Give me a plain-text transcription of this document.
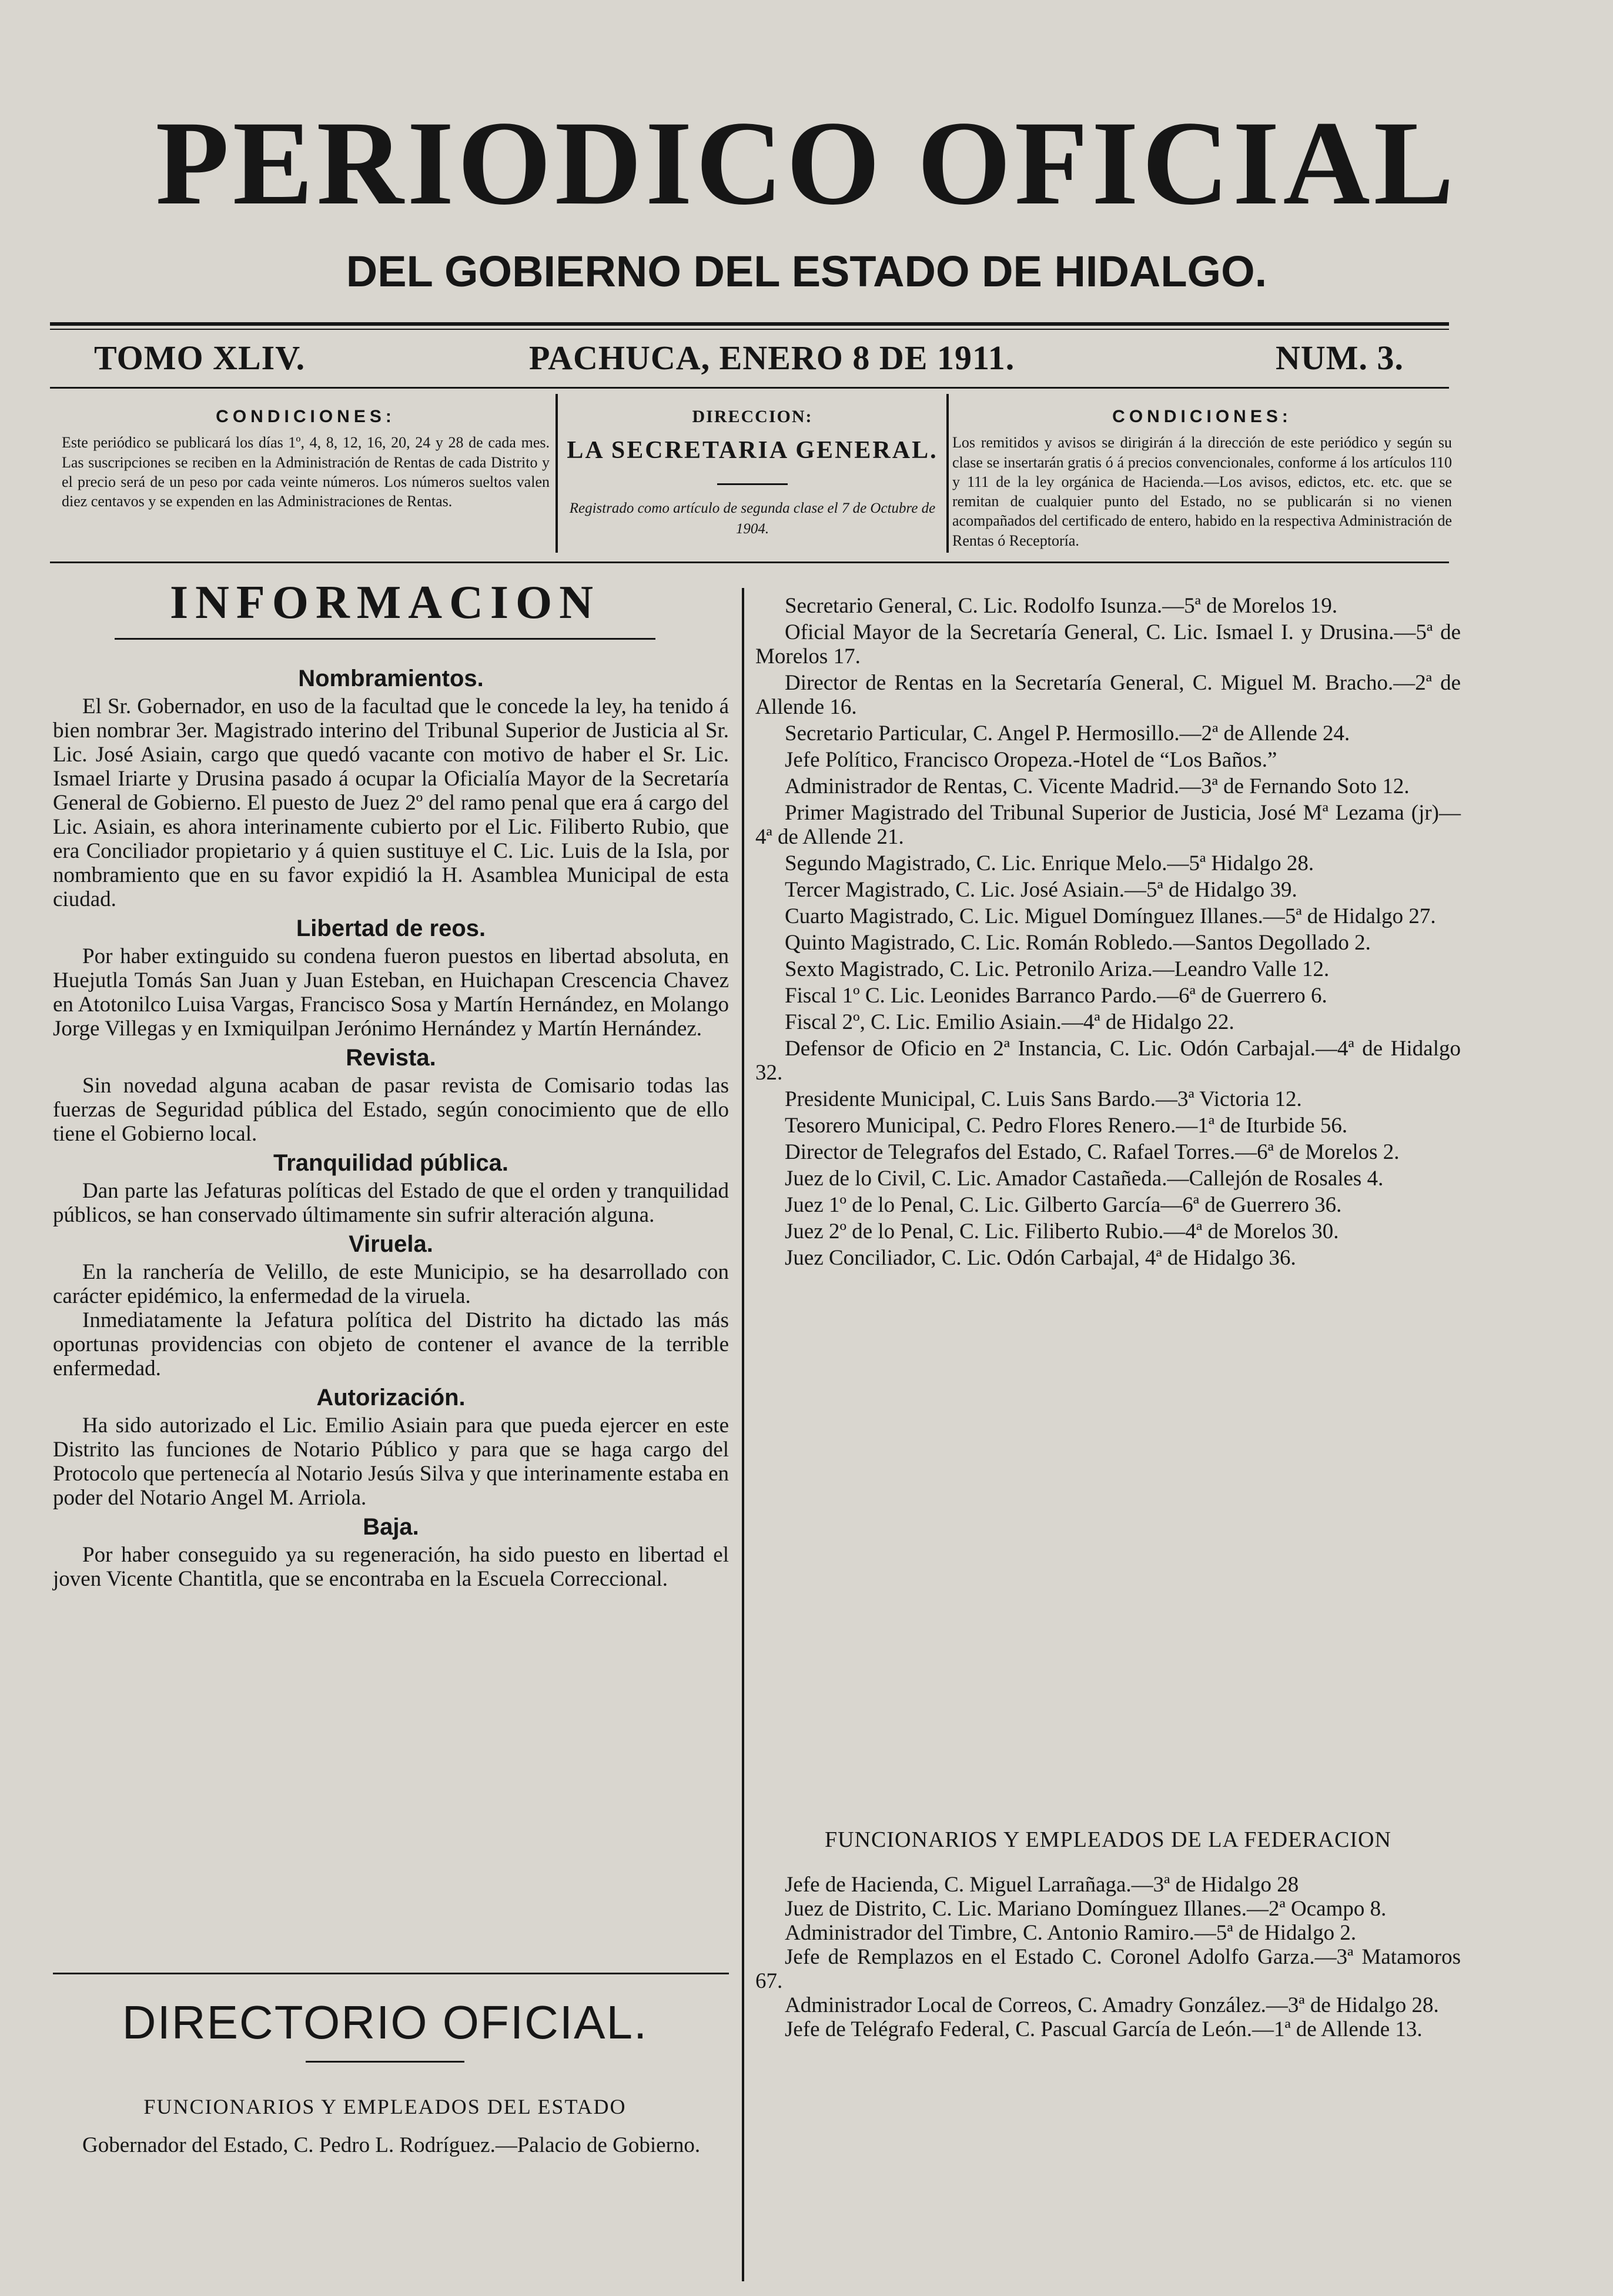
PERIODICO OFICIAL
DEL GOBIERNO DEL ESTADO DE HIDALGO.
TOMO XLIV.	PACHUCA, ENERO 8 DE 1911.	NUM. 3.
CONDICIONES:
Este periódico se publicará los días 1º, 4, 8, 12, 16, 20, 24 y 28 de cada mes. Las suscripciones se reciben en la Administración de Rentas de cada Distrito y el precio será de un peso por cada veinte números. Los números sueltos valen diez centavos y se expenden en las Administraciones de Rentas.
DIRECCION:
LA SECRETARIA GENERAL.
Registrado como artículo de segunda clase el 7 de Octubre de 1904.
CONDICIONES:
Los remitidos y avisos se dirigirán á la dirección de este periódico y según su clase se insertarán gratis ó á precios convencionales, conforme á los artículos 110 y 111 de la ley orgánica de Hacienda.—Los avisos, edictos, etc. etc. que se remitan de cualquier punto del Estado, no se publicarán si no vienen acompañados del certificado de entero, habido en la respectiva Administración de Rentas ó Receptoría.
INFORMACION
Nombramientos.

El Sr. Gobernador, en uso de la facultad que le concede la ley, ha tenido á bien nombrar 3er. Magistrado interino del Tribunal Superior de Justicia al Sr. Lic. José Asiain, cargo que quedó vacante con motivo de haber el Sr. Lic. Ismael Iriarte y Drusina pasado á ocupar la Oficialía Mayor de la Secretaría General de Gobierno. El puesto de Juez 2º del ramo penal que era á cargo del Lic. Asiain, es ahora interinamente cubierto por el Lic. Filiberto Rubio, que era Conciliador propietario y á quien sustituye el C. Lic. Luis de la Isla, por nombramiento que en su favor expidió la H. Asamblea Municipal de esta ciudad.

Libertad de reos.

Por haber extinguido su condena fueron puestos en libertad absoluta, en Huejutla Tomás San Juan y Juan Esteban, en Huichapan Crescencia Chavez en Atotonilco Luisa Vargas, Francisco Sosa y Martín Hernández, en Molango Jorge Villegas y en Ixmiquilpan Jerónimo Hernández y Martín Hernández.

Revista.

Sin novedad alguna acaban de pasar revista de Comisario todas las fuerzas de Seguridad pública del Estado, según conocimiento que de ello tiene el Gobierno local.

Tranquilidad pública.

Dan parte las Jefaturas políticas del Estado de que el orden y tranquilidad públicos, se han conservado últimamente sin sufrir alteración alguna.

Viruela.

En la ranchería de Velillo, de este Municipio, se ha desarrollado con carácter epidémico, la enfermedad de la viruela.

Inmediatamente la Jefatura política del Distrito ha dictado las más oportunas providencias con objeto de contener el avance de la terrible enfermedad.

Autorización.

Ha sido autorizado el Lic. Emilio Asiain para que pueda ejercer en este Distrito las funciones de Notario Público y para que se haga cargo del Protocolo que pertenecía al Notario Jesús Silva y que interinamente estaba en poder del Notario Angel M. Arriola.

Baja.

Por haber conseguido ya su regeneración, ha sido puesto en libertad el joven Vicente Chantitla, que se encontraba en la Escuela Correccional.

DIRECTORIO OFICIAL.
FUNCIONARIOS Y EMPLEADOS DEL ESTADO

Gobernador del Estado, C. Pedro L. Rodríguez.—Palacio de Gobierno.

Secretario General, C. Lic. Rodolfo Isunza.—5ª de Morelos 19.

Oficial Mayor de la Secretaría General, C. Lic. Ismael I. y Drusina.—5ª de Morelos 17.

Director de Rentas en la Secretaría General, C. Miguel M. Bracho.—2ª de Allende 16.

Secretario Particular, C. Angel P. Hermosillo.—2ª de Allende 24.

Jefe Político, Francisco Oropeza.-Hotel de “Los Baños.”

Administrador de Rentas, C. Vicente Madrid.—3ª de Fernando Soto 12.

Primer Magistrado del Tribunal Superior de Justicia, José Mª Lezama (jr)—4ª de Allende 21.

Segundo Magistrado, C. Lic. Enrique Melo.—5ª Hidalgo 28.

Tercer Magistrado, C. Lic. José Asiain.—5ª de Hidalgo 39.

Cuarto Magistrado, C. Lic. Miguel Domínguez Illanes.—5ª de Hidalgo 27.

Quinto Magistrado, C. Lic. Román Robledo.—Santos Degollado 2.

Sexto Magistrado, C. Lic. Petronilo Ariza.—Leandro Valle 12.

Fiscal 1º C. Lic. Leonides Barranco Pardo.—6ª de Guerrero 6.

Fiscal 2º, C. Lic. Emilio Asiain.—4ª de Hidalgo 22.

Defensor de Oficio en 2ª Instancia, C. Lic. Odón Carbajal.—4ª de Hidalgo 32.

Presidente Municipal, C. Luis Sans Bardo.—3ª Victoria 12.

Tesorero Municipal, C. Pedro Flores Renero.—1ª de Iturbide 56.

Director de Telegrafos del Estado, C. Rafael Torres.—6ª de Morelos 2.

Juez de lo Civil, C. Lic. Amador Castañeda.—Callejón de Rosales 4.

Juez 1º de lo Penal, C. Lic. Gilberto García—6ª de Guerrero 36.

Juez 2º de lo Penal, C. Lic. Filiberto Rubio.—4ª de Morelos 30.

Juez Conciliador, C. Lic. Odón Carbajal, 4ª de Hidalgo 36.

FUNCIONARIOS Y EMPLEADOS DE LA FEDERACION

Jefe de Hacienda, C. Miguel Larrañaga.—3ª de Hidalgo 28

Juez de Distrito, C. Lic. Mariano Domínguez Illanes.—2ª Ocampo 8.

Administrador del Timbre, C. Antonio Ramiro.—5ª de Hidalgo 2.

Jefe de Remplazos en el Estado C. Coronel Adolfo Garza.—3ª Matamoros 67.

Administrador Local de Correos, C. Amadry González.—3ª de Hidalgo 28.

Jefe de Telégrafo Federal, C. Pascual García de León.—1ª de Allende 13.
